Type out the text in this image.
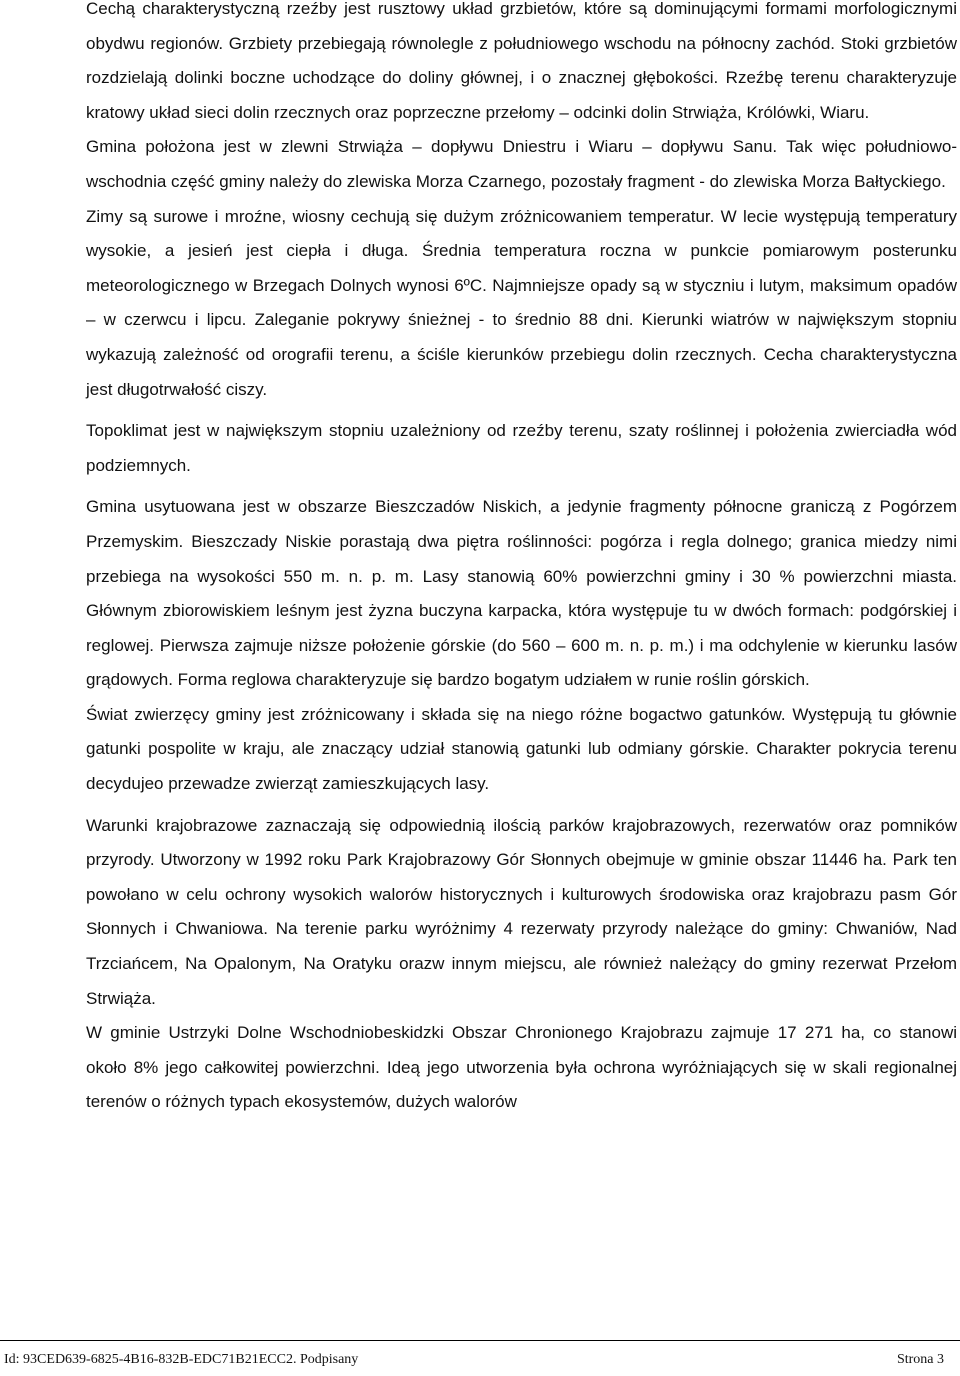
Cechą charakterystyczną rzeźby jest rusztowy układ grzbietów, które są dominującymi formami morfologicznymi obydwu regionów. Grzbiety przebiegają równolegle z południowego wschodu na północny zachód. Stoki grzbietów rozdzielają dolinki boczne uchodzące do doliny głównej, i o znacznej głębokości. Rzeźbę terenu charakteryzuje kratowy układ sieci dolin rzecznych oraz poprzeczne przełomy – odcinki dolin Strwiąża, Królówki, Wiaru.

Gmina położona jest w zlewni Strwiąża – dopływu Dniestru i Wiaru – dopływu Sanu. Tak więc południowo-wschodnia część gminy należy do zlewiska Morza Czarnego, pozostały fragment - do zlewiska Morza Bałtyckiego.

Zimy są surowe i mroźne, wiosny cechują się dużym zróżnicowaniem temperatur. W lecie występują temperatury wysokie, a jesień jest ciepła i długa. Średnia temperatura roczna w punkcie pomiarowym posterunku meteorologicznego w Brzegach Dolnych wynosi 6ºC. Najmniejsze opady są w styczniu i lutym, maksimum opadów – w czerwcu i lipcu. Zaleganie pokrywy śnieżnej - to średnio 88 dni. Kierunki wiatrów w największym stopniu wykazują zależność od orografii terenu, a ściśle kierunków przebiegu dolin rzecznych. Cecha charakterystyczna jest długotrwałość ciszy.

Topoklimat jest w największym stopniu uzależniony od rzeźby terenu, szaty roślinnej i położenia zwierciadła wód podziemnych.

Gmina usytuowana jest w obszarze Bieszczadów Niskich, a jedynie fragmenty północne graniczą z Pogórzem Przemyskim. Bieszczady Niskie porastają dwa piętra roślinności: pogórza i regla dolnego; granica miedzy nimi przebiega na wysokości 550 m. n. p. m. Lasy stanowią 60% powierzchni gminy i 30 % powierzchni miasta. Głównym zbiorowiskiem leśnym jest żyzna buczyna karpacka, która występuje tu w dwóch formach: podgórskiej i reglowej. Pierwsza zajmuje niższe położenie górskie (do 560 – 600 m. n. p. m.) i ma odchylenie w kierunku lasów grądowych. Forma reglowa charakteryzuje się bardzo bogatym udziałem w runie roślin górskich.

Świat zwierzęcy gminy jest zróżnicowany i składa się na niego różne bogactwo gatunków. Występują tu głównie gatunki pospolite w kraju, ale znaczący udział stanowią gatunki lub odmiany górskie. Charakter pokrycia terenu decydujeo przewadze zwierząt zamieszkujących lasy.

Warunki krajobrazowe zaznaczają się odpowiednią ilością parków krajobrazowych, rezerwatów oraz pomników przyrody. Utworzony w 1992 roku Park Krajobrazowy Gór Słonnych obejmuje w gminie obszar 11446 ha. Park ten powołano w celu ochrony wysokich walorów historycznych i kulturowych środowiska oraz krajobrazu pasm Gór Słonnych i Chwaniowa. Na terenie parku wyróżnimy 4 rezerwaty przyrody należące do gminy: Chwaniów, Nad Trzciańcem, Na Opalonym, Na Oratyku orazw innym miejscu, ale również należący do gminy rezerwat Przełom Strwiąża.

W gminie Ustrzyki Dolne Wschodniobeskidzki Obszar Chronionego Krajobrazu zajmuje 17 271 ha, co stanowi około 8% jego całkowitej powierzchni. Ideą jego utworzenia była ochrona wyróżniających się w skali regionalnej terenów o różnych typach ekosystemów, dużych walorów

Id: 93CED639-6825-4B16-832B-EDC71B21ECC2. Podpisany	Strona 3
